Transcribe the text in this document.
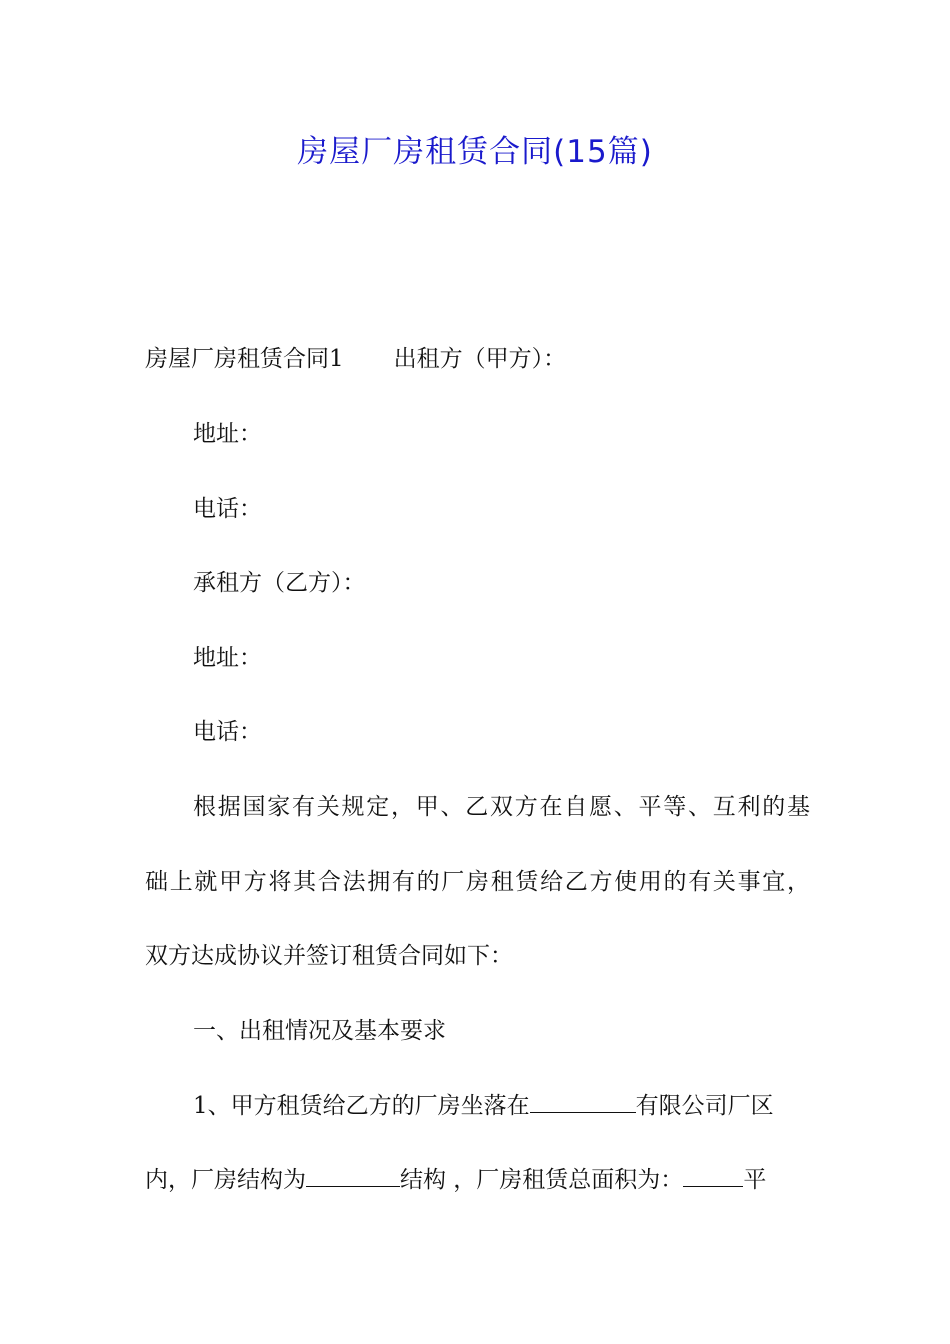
房屋厂房租赁合同(15篇)
房屋厂房租赁合同1 出租方（甲方）：
地址：
电话：
承租方（乙方）：
地址：
电话：
根据国家有关规定，甲、乙双方在自愿、平等、互利的基
础上就甲方将其合法拥有的厂房租赁给乙方使用的有关事宜，
双方达成协议并签订租赁合同如下：
一、出租情况及基本要求
1、甲方租赁给乙方的厂房坐落在	有限公司厂区
内，厂房结构为	结构 ，厂房租赁总面积为：	平
